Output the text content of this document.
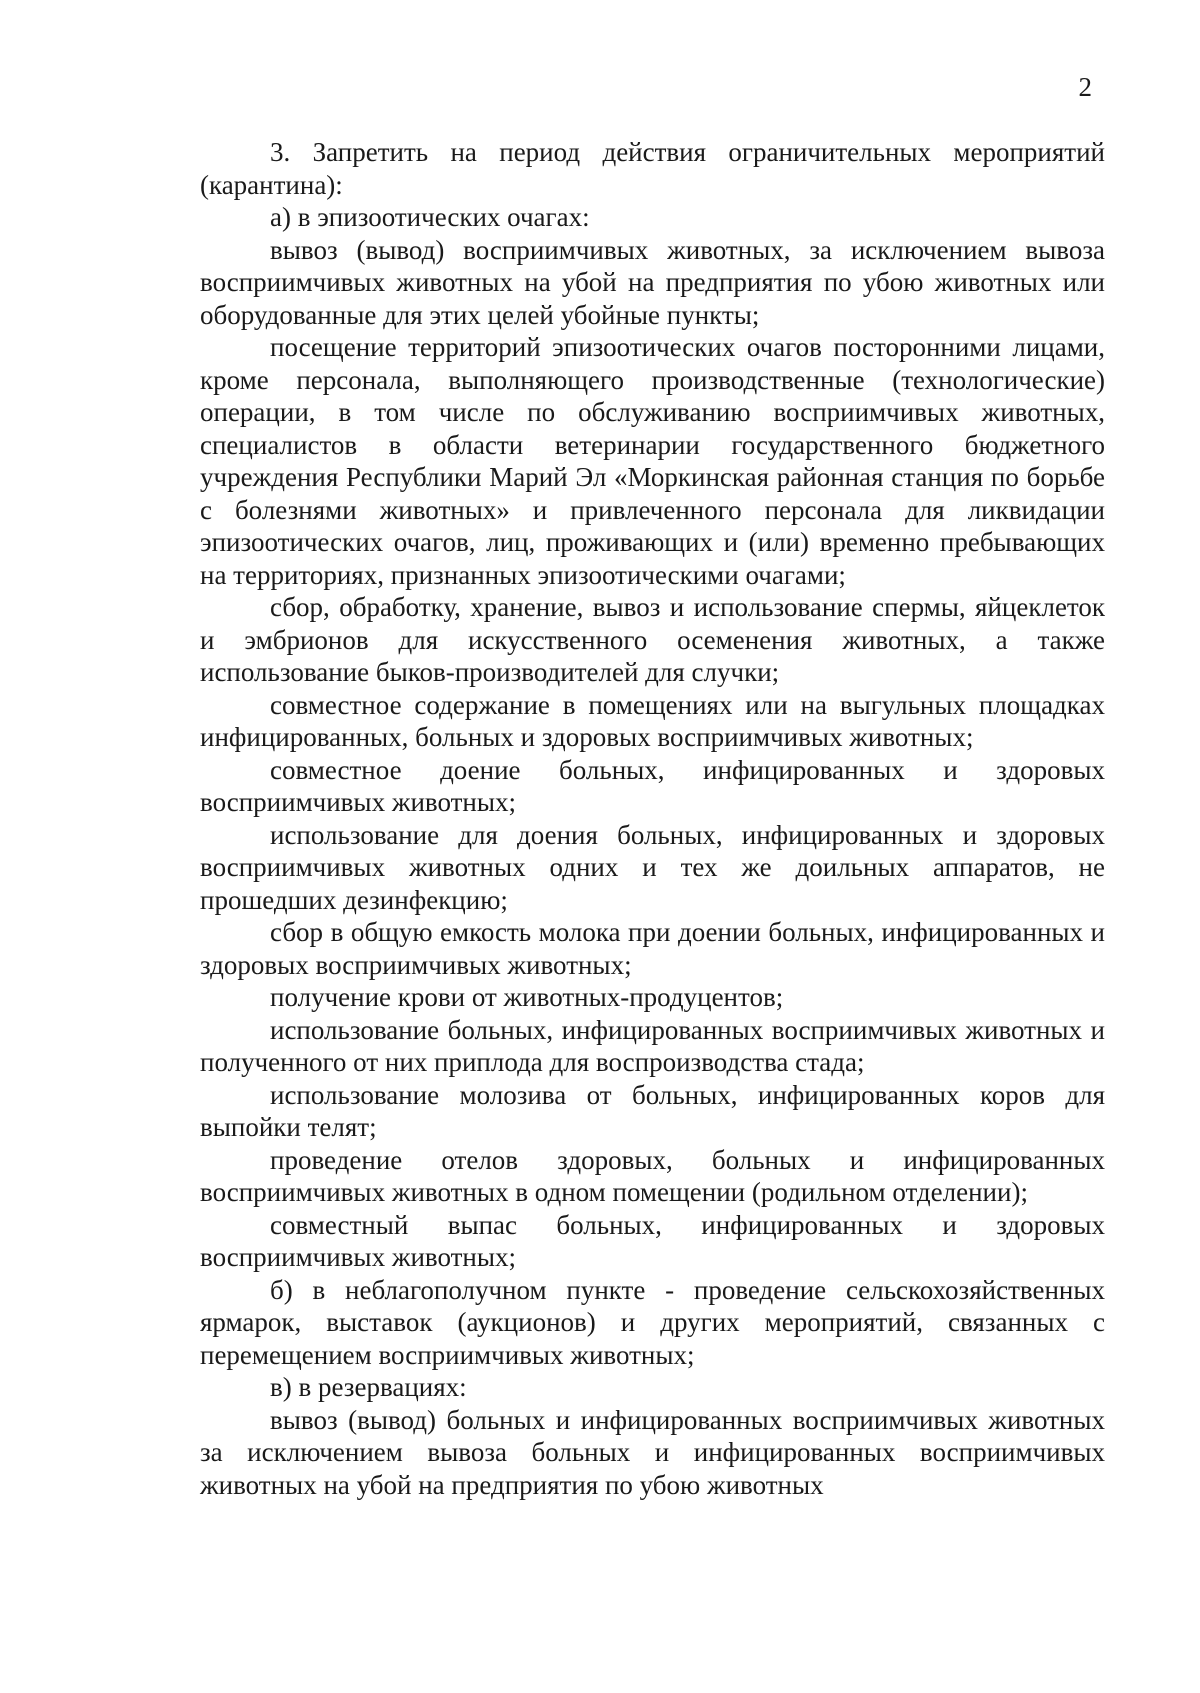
2

3. Запретить на период действия ограничительных мероприятий (карантина):

а) в эпизоотических очагах:

вывоз (вывод) восприимчивых животных, за исключением вывоза восприимчивых животных на убой на предприятия по убою животных или оборудованные для этих целей убойные пункты;

посещение территорий эпизоотических очагов посторонними лицами, кроме персонала, выполняющего производственные (технологические) операции, в том числе по обслуживанию восприимчивых животных, специалистов в области ветеринарии государственного бюджетного учреждения Республики Марий Эл «Моркинская районная станция по борьбе с болезнями животных» и привлеченного персонала для ликвидации эпизоотических очагов, лиц, проживающих и (или) временно пребывающих на территориях, признанных эпизоотическими очагами;

сбор, обработку, хранение, вывоз и использование спермы, яйцеклеток и эмбрионов для искусственного осеменения животных, а также использование быков-производителей для случки;

совместное содержание в помещениях или на выгульных площадках инфицированных, больных и здоровых восприимчивых животных;

совместное доение больных, инфицированных и здоровых восприимчивых животных;

использование для доения больных, инфицированных и здоровых восприимчивых животных одних и тех же доильных аппаратов, не прошедших дезинфекцию;

сбор в общую емкость молока при доении больных, инфицированных и здоровых восприимчивых животных;

получение крови от животных-продуцентов;

использование больных, инфицированных восприимчивых животных и полученного от них приплода для воспроизводства стада;

использование молозива от больных, инфицированных коров для выпойки телят;

проведение отелов здоровых, больных и инфицированных восприимчивых животных в одном помещении (родильном отделении);

совместный выпас больных, инфицированных и здоровых восприимчивых животных;

б) в неблагополучном пункте - проведение сельскохозяйственных ярмарок, выставок (аукционов) и других мероприятий, связанных с перемещением восприимчивых животных;

в) в резервациях:

вывоз (вывод) больных и инфицированных восприимчивых животных за исключением вывоза больных и инфицированных восприимчивых животных на убой на предприятия по убою животных
